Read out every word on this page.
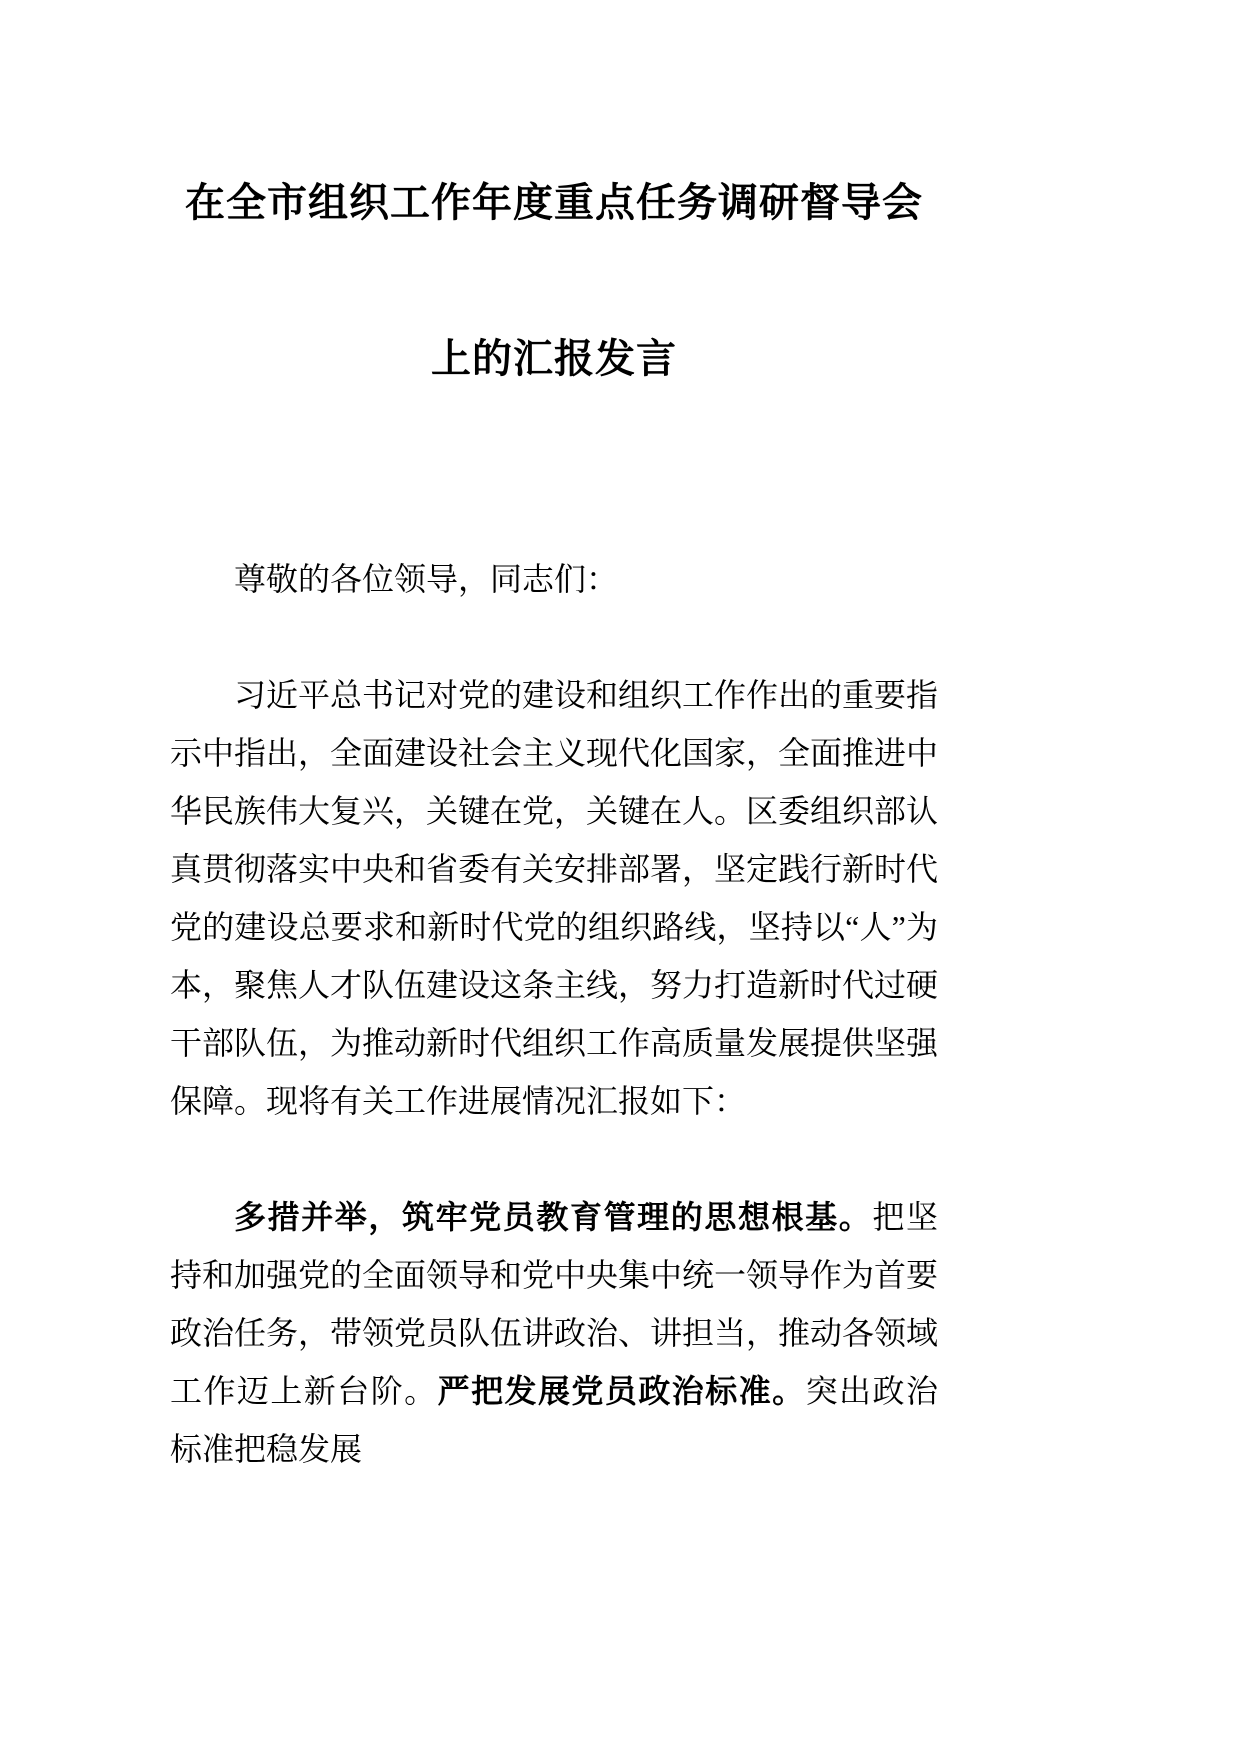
在全市组织工作年度重点任务调研督导会
上的汇报发言

尊敬的各位领导，同志们：

习近平总书记对党的建设和组织工作作出的重要指示中指出，全面建设社会主义现代化国家，全面推进中华民族伟大复兴，关键在党，关键在人。区委组织部认真贯彻落实中央和省委有关安排部署，坚定践行新时代党的建设总要求和新时代党的组织路线，坚持以“人”为本，聚焦人才队伍建设这条主线，努力打造新时代过硬干部队伍，为推动新时代组织工作高质量发展提供坚强保障。现将有关工作进展情况汇报如下：

多措并举，筑牢党员教育管理的思想根基。把坚持和加强党的全面领导和党中央集中统一领导作为首要政治任务，带领党员队伍讲政治、讲担当，推动各领域工作迈上新台阶。严把发展党员政治标准。突出政治标准把稳发展
